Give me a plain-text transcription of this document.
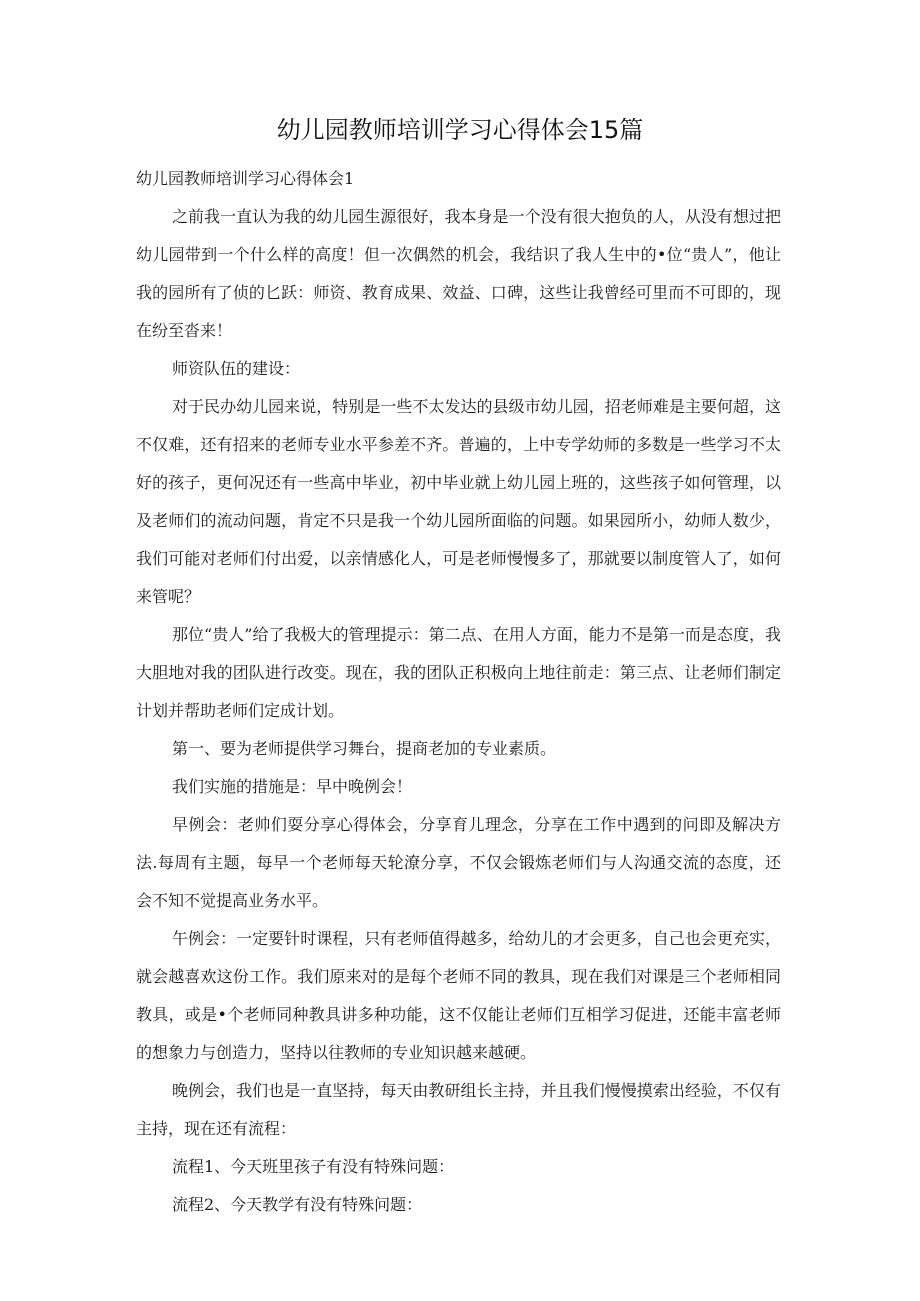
幼儿园教师培训学习心得体会15篇

幼儿园教师培训学习心得体会1

之前我一直认为我的幼儿园生源很好，我本身是一个没有很大抱负的人，从没有想过把幼儿园带到一个什么样的高度！但一次偶然的机会，我结识了我人生中的•位“贵人”，他让我的园所有了侦的匕跃：师资、教育成果、效益、口碑，这些让我曾经可里而不可即的，现在纷至沓来！

师资队伍的建设：

对于民办幼儿园来说，特别是一些不太发达的县级市幼儿园，招老师难是主要何超，这不仅难，还有招来的老师专业水平参差不齐。普遍的，上中专学幼师的多数是一些学习不太好的孩子，更何况还有一些高中毕业，初中毕业就上幼儿园上班的，这些孩子如何管理，以及老师们的流动问题，肯定不只是我一个幼儿园所面临的问题。如果园所小，幼师人数少，我们可能对老师们付出爱，以亲情感化人，可是老师慢慢多了，那就要以制度管人了，如何来管呢？

那位“贵人”给了我极大的管理提示：第二点、在用人方面，能力不是第一而是态度，我大胆地对我的团队进行改变。现在，我的团队正积极向上地往前走：第三点、让老师们制定计划并帮助老师们定成计划。

第一、要为老师提供学习舞台，提商老加的专业素质。

我们实施的措施是：早中晚例会！

早例会：老帅们耍分享心得体会，分享育儿理念，分享在工作中遇到的问即及解决方法.每周有主题，每早一个老师每天轮潦分享，不仅会锻炼老师们与人沟通交流的态度，还会不知不觉提高业务水平。

午例会：一定要针时课程，只有老师值得越多，给幼儿的才会更多，自己也会更充实，就会越喜欢这份工作。我们原来对的是每个老师不同的教具，现在我们对课是三个老师相同教具，或是•个老师同种教具讲多种功能，这不仅能让老师们互相学习促进，还能丰富老师的想象力与创造力，坚持以往教师的专业知识越来越硬。

晚例会，我们也是一直坚持，每天由教研组长主持，并且我们慢慢摸索出经验，不仅有主持，现在还有流程：

流程1、今天班里孩子有没有特殊问题：

流程2、今天教学有没有特殊问题：
